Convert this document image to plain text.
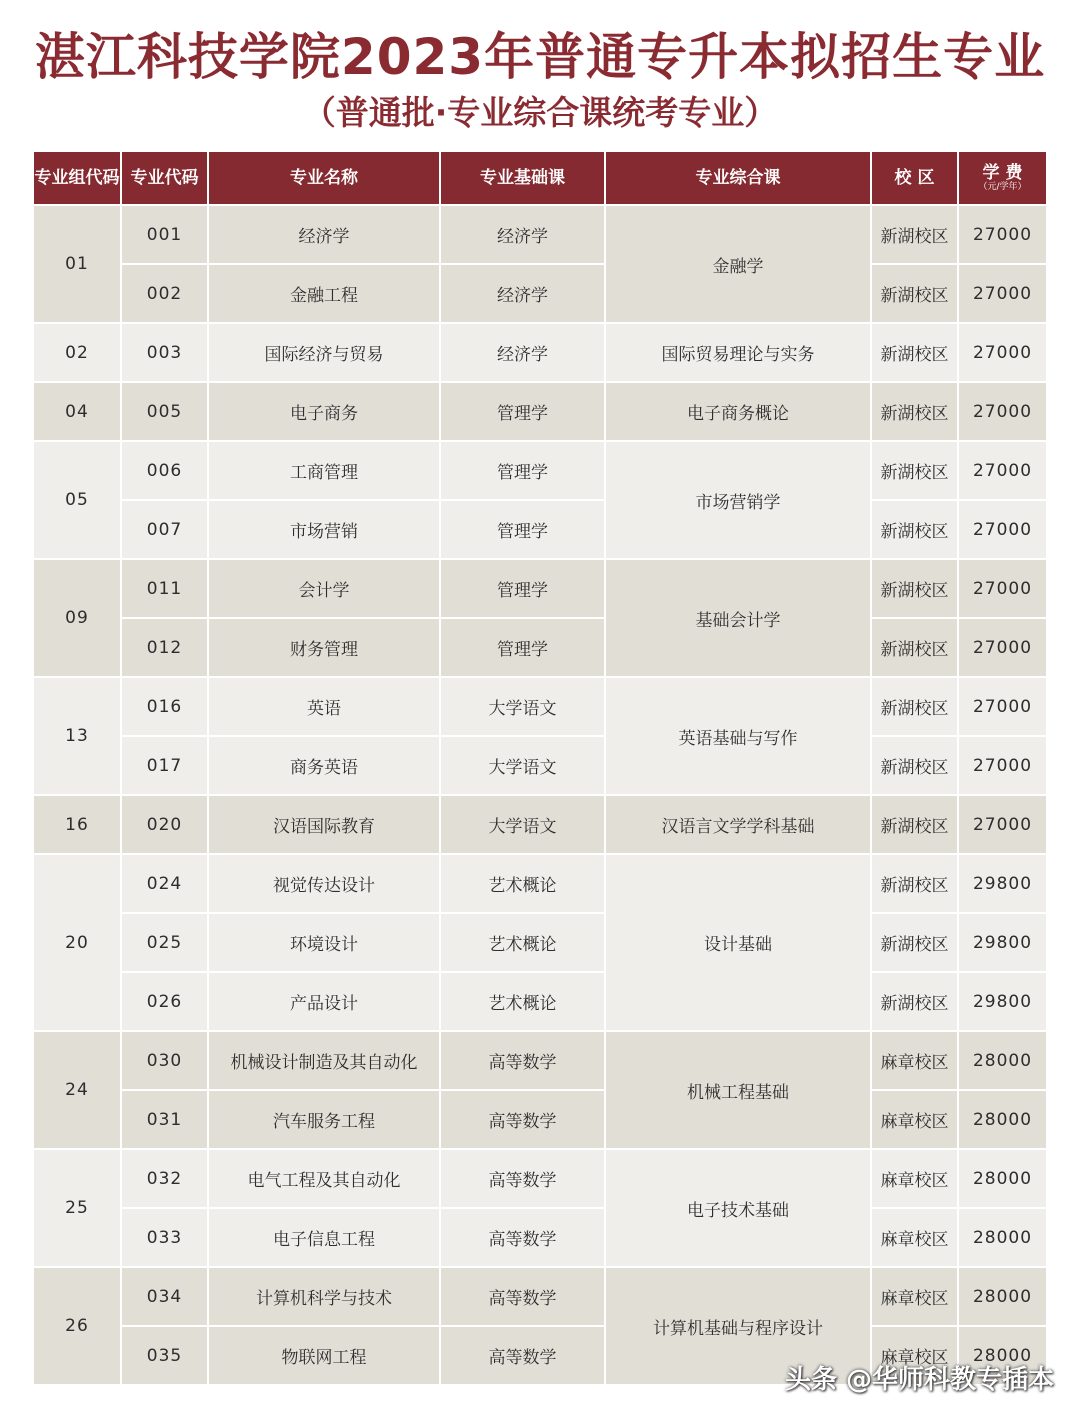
湛江科技学院2023年普通专升本拟招生专业
（普通批·专业综合课统考专业）
专业组代码	专业代码	专业名称	专业基础课	专业综合课	校 区	学 费
（元/学年）

01	001	经济学	经济学	金融学	新湖校区	27000
	002	金融工程	经济学		新湖校区	27000
02	003	国际经济与贸易	经济学	国际贸易理论与实务	新湖校区	27000
04	005	电子商务	管理学	电子商务概论	新湖校区	27000
05	006	工商管理	管理学	市场营销学	新湖校区	27000
	007	市场营销	管理学		新湖校区	27000
09	011	会计学	管理学	基础会计学	新湖校区	27000
	012	财务管理	管理学		新湖校区	27000
13	016	英语	大学语文	英语基础与写作	新湖校区	27000
	017	商务英语	大学语文		新湖校区	27000
16	020	汉语国际教育	大学语文	汉语言文学学科基础	新湖校区	27000
20	024	视觉传达设计	艺术概论	设计基础	新湖校区	29800
	025	环境设计	艺术概论		新湖校区	29800
	026	产品设计	艺术概论		新湖校区	29800
24	030	机械设计制造及其自动化	高等数学	机械工程基础	麻章校区	28000
	031	汽车服务工程	高等数学		麻章校区	28000
25	032	电气工程及其自动化	高等数学	电子技术基础	麻章校区	28000
	033	电子信息工程	高等数学		麻章校区	28000
26	034	计算机科学与技术	高等数学	计算机基础与程序设计	麻章校区	28000
	035	物联网工程	高等数学		麻章校区	28000
头条 @华师科教专插本
